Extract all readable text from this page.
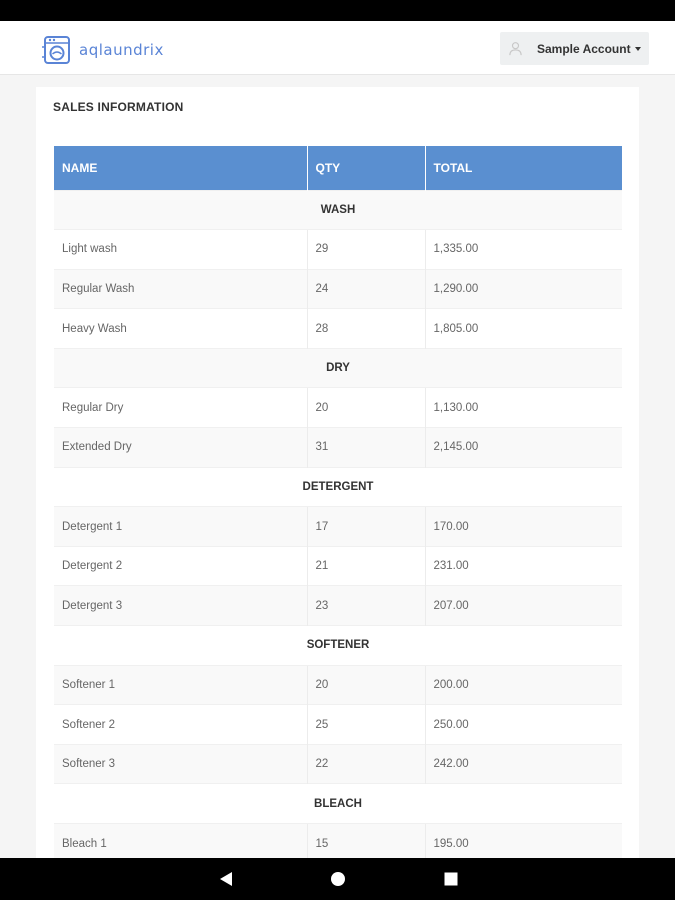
aqlaundrix	Sample Account
SALES INFORMATION
NAME	QTY	TOTAL
WASH		
Light wash	29	1,335.00
Regular Wash	24	1,290.00
Heavy Wash	28	1,805.00
DRY		
Regular Dry	20	1,130.00
Extended Dry	31	2,145.00
DETERGENT		
Detergent 1	17	170.00
Detergent 2	21	231.00
Detergent 3	23	207.00
SOFTENER		
Softener 1	20	200.00
Softener 2	25	250.00
Softener 3	22	242.00
BLEACH		
Bleach 1	15	195.00
